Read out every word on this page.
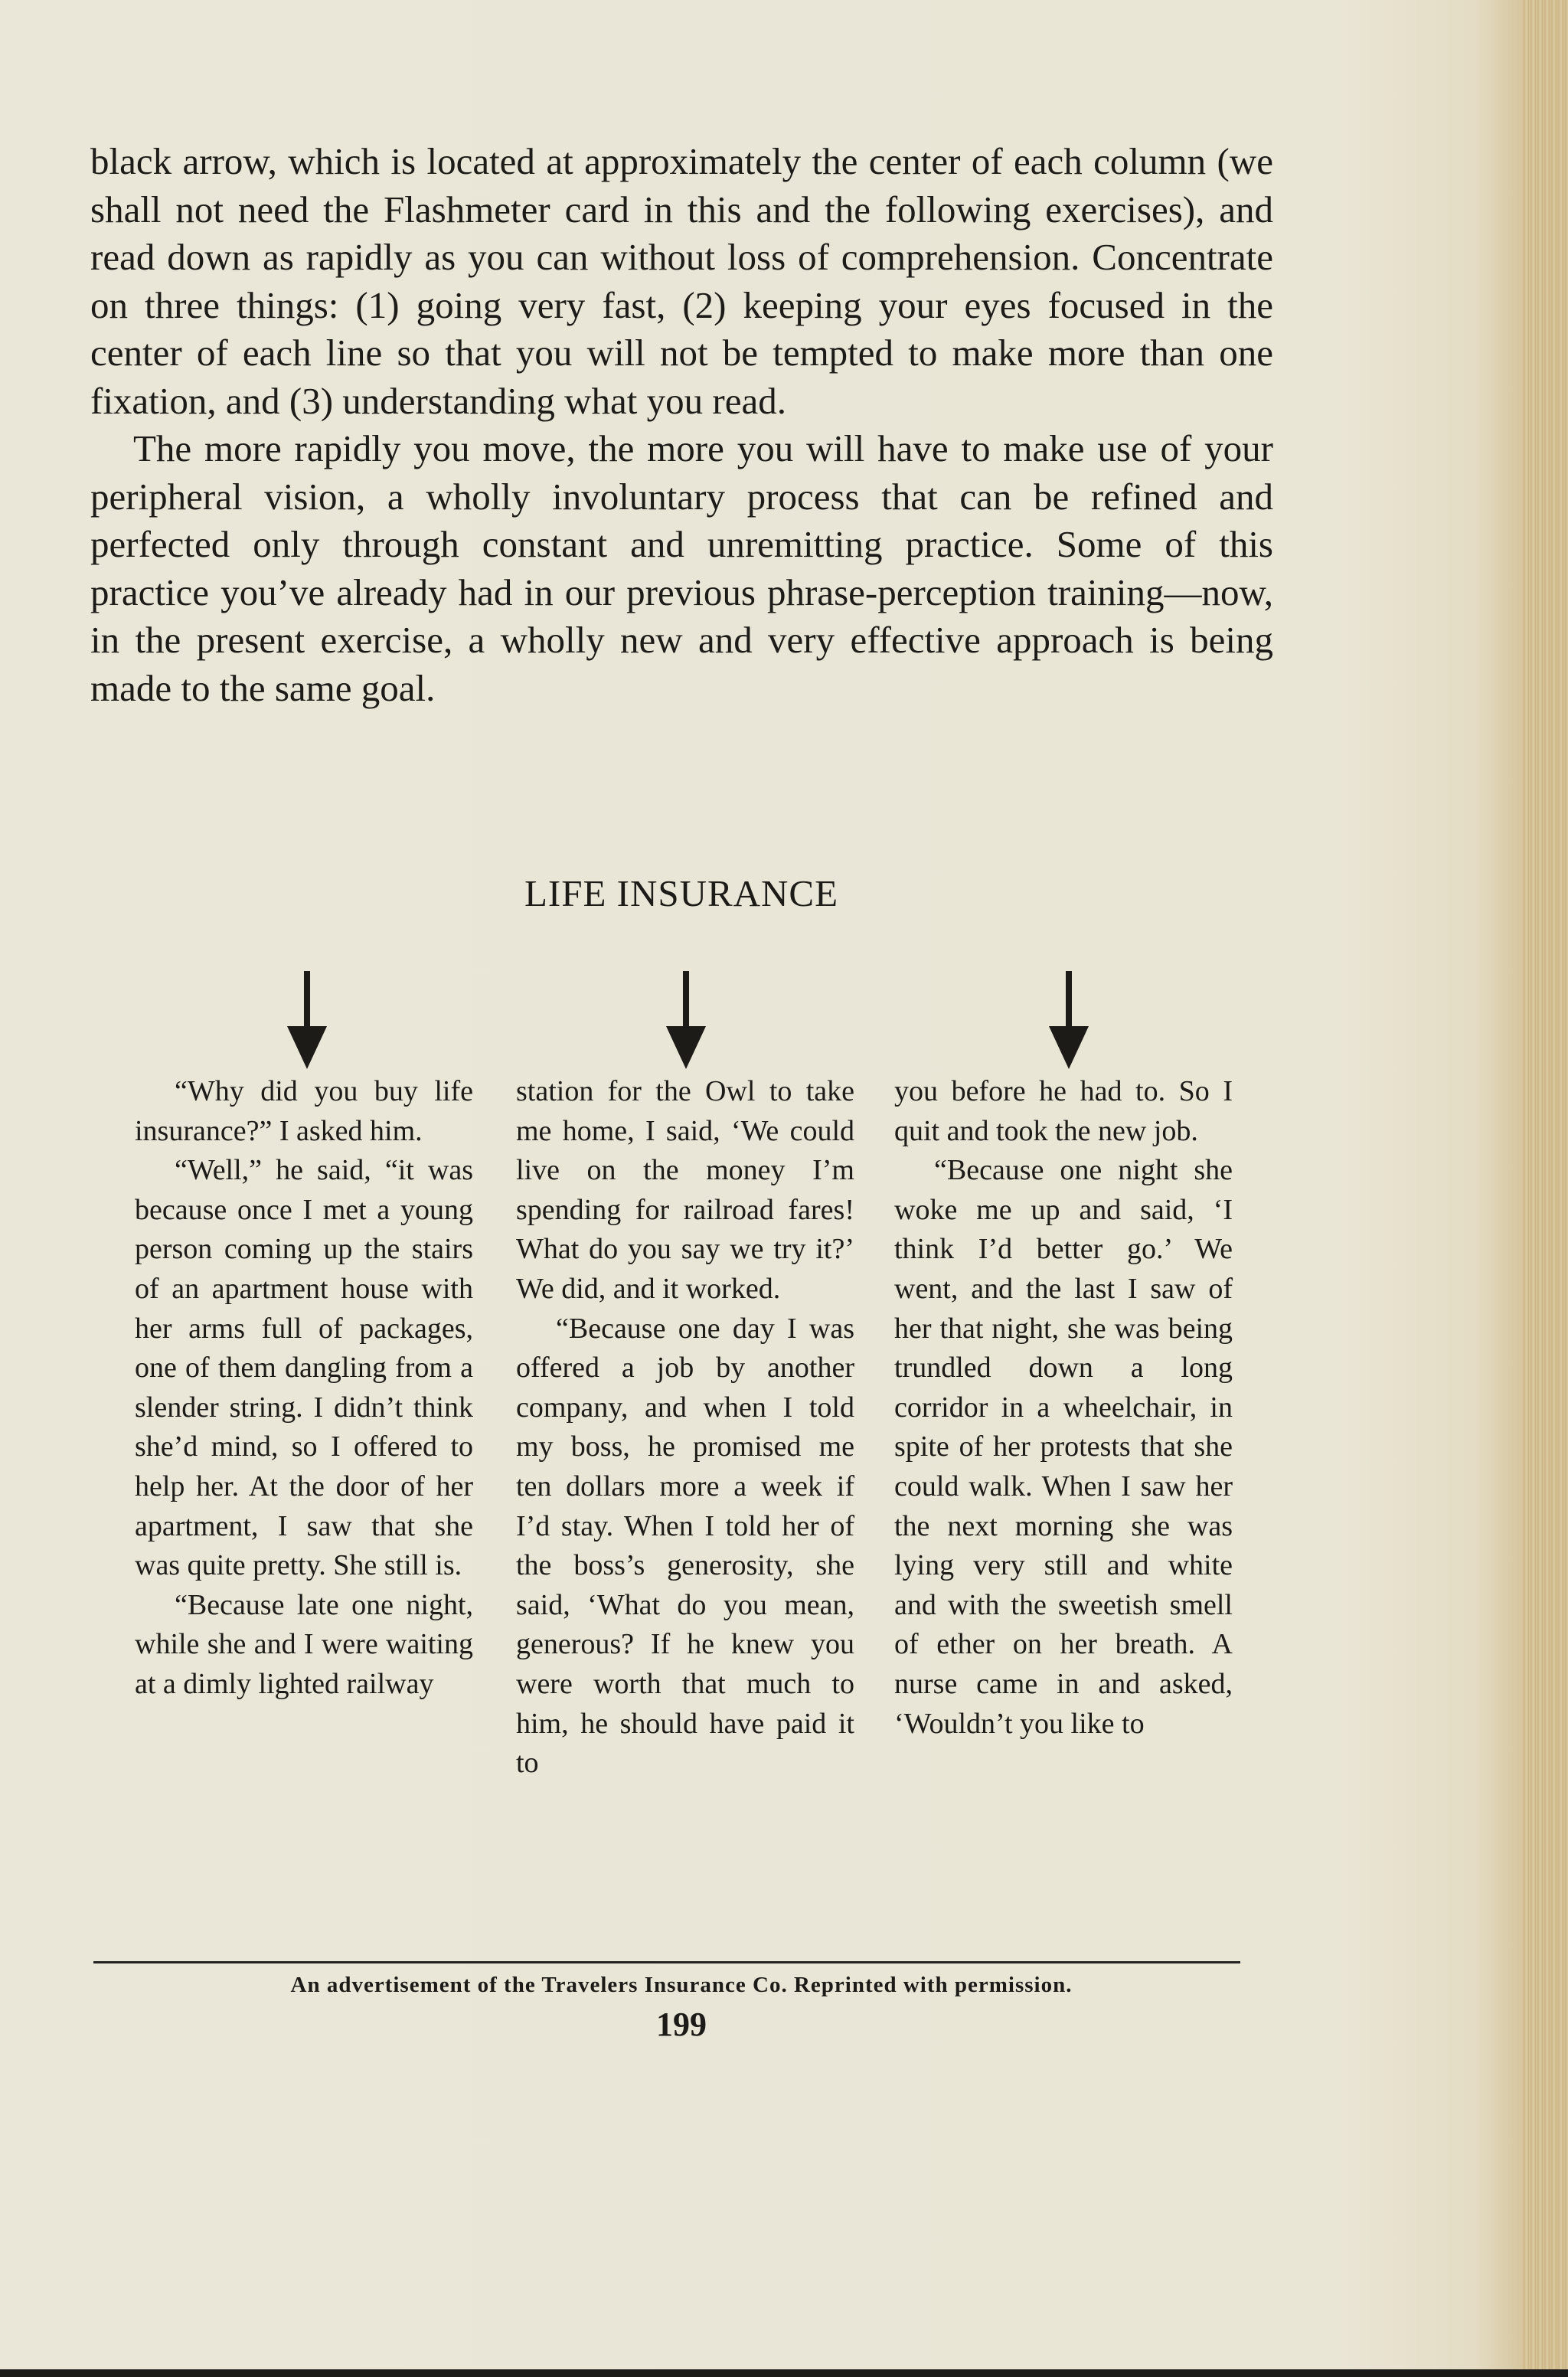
black arrow, which is located at approximately the center of each column (we shall not need the Flashmeter card in this and the following exercises), and read down as rapidly as you can without loss of comprehension. Concentrate on three things: (1) going very fast, (2) keeping your eyes focused in the center of each line so that you will not be tempted to make more than one fixation, and (3) understanding what you read.

The more rapidly you move, the more you will have to make use of your peripheral vision, a wholly involuntary process that can be refined and perfected only through constant and unremitting practice. Some of this practice you’ve already had in our previous phrase-perception training—now, in the present exercise, a wholly new and very effective approach is being made to the same goal.

LIFE INSURANCE

“Why did you buy life insurance?” I asked him.

“Well,” he said, “it was because once I met a young person coming up the stairs of an apartment house with her arms full of packages, one of them dangling from a slender string. I didn’t think she’d mind, so I offered to help her. At the door of her apartment, I saw that she was quite pretty. She still is.

“Because late one night, while she and I were waiting at a dimly lighted railway

station for the Owl to take me home, I said, ‘We could live on the money I’m spending for railroad fares! What do you say we try it?’ We did, and it worked.

“Because one day I was offered a job by another company, and when I told my boss, he promised me ten dollars more a week if I’d stay. When I told her of the boss’s generosity, she said, ‘What do you mean, generous? If he knew you were worth that much to him, he should have paid it to

you before he had to. So I quit and took the new job.

“Because one night she woke me up and said, ‘I think I’d better go.’ We went, and the last I saw of her that night, she was being trundled down a long corridor in a wheelchair, in spite of her protests that she could walk. When I saw her the next morning she was lying very still and white and with the sweetish smell of ether on her breath. A nurse came in and asked, ‘Wouldn’t you like to

An advertisement of the Travelers Insurance Co. Reprinted with permission.
199
